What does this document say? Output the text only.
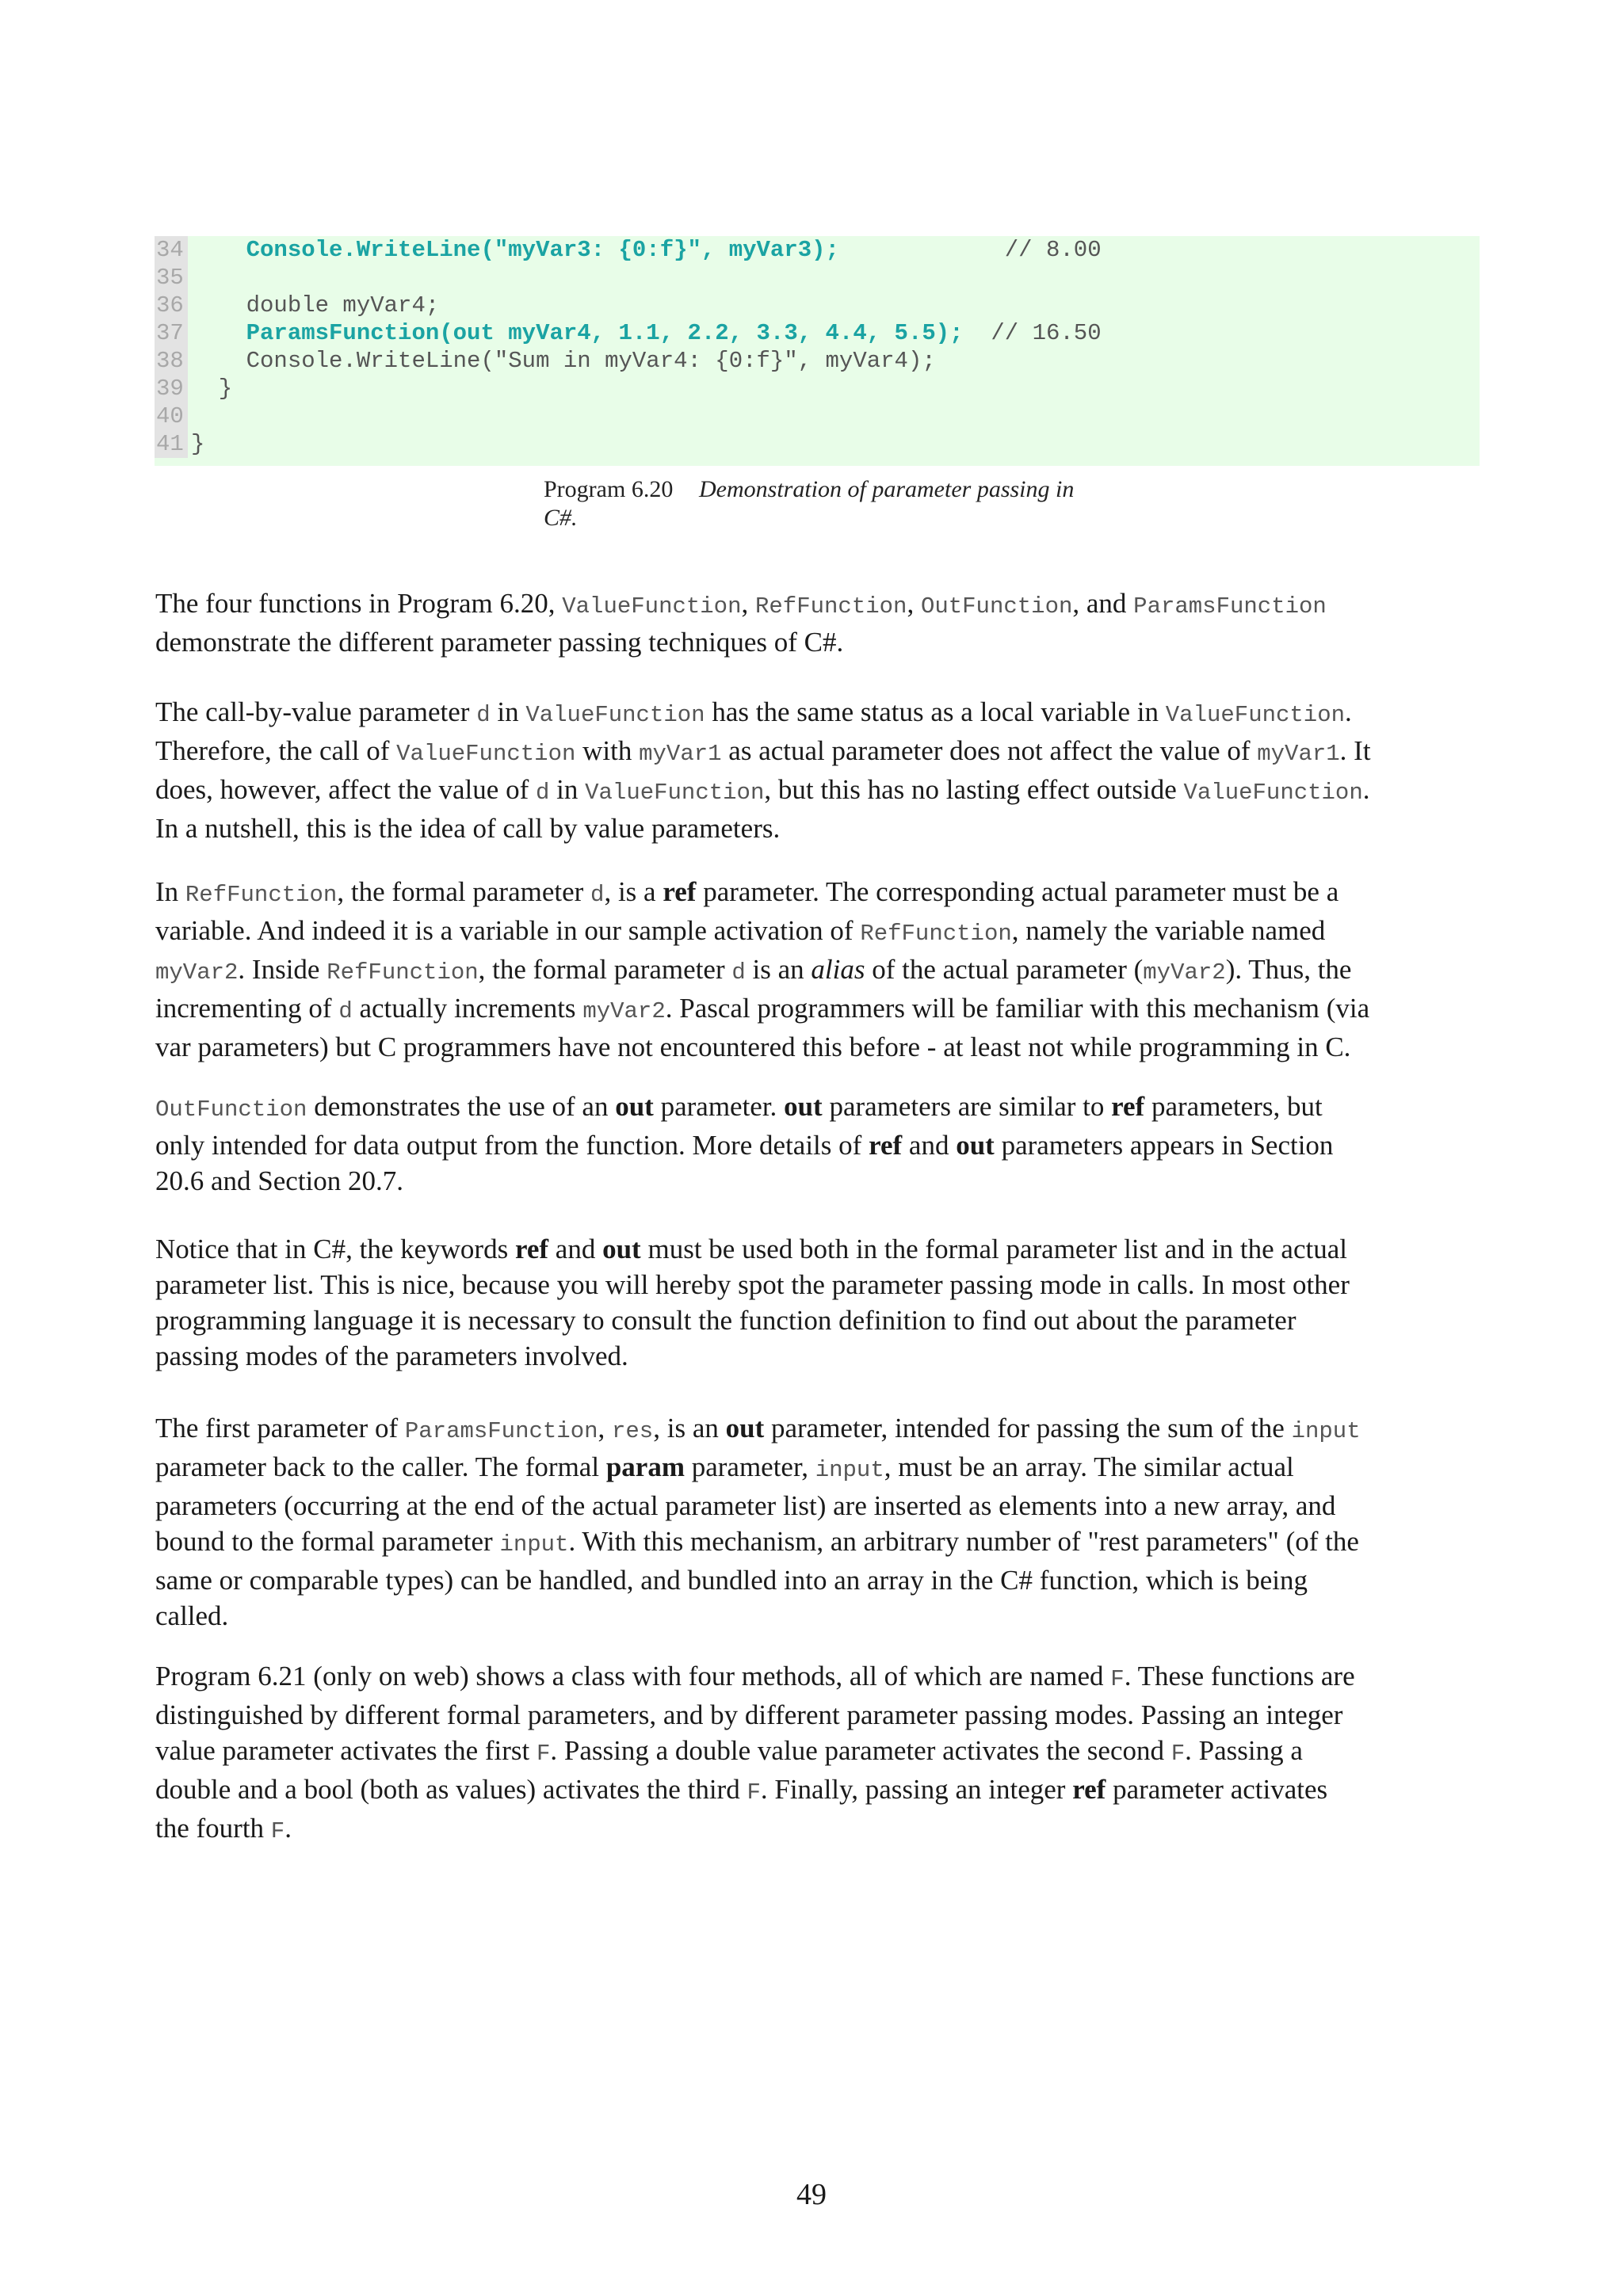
34    Console.WriteLine("myVar3: {0:f}", myVar3);            // 8.00
35
36    double myVar4;
37    ParamsFunction(out myVar4, 1.1, 2.2, 3.3, 4.4, 5.5);  // 16.50
38    Console.WriteLine("Sum in myVar4: {0:f}", myVar4);
39  }
40
41 }
Program 6.20 Demonstration of parameter passing in
C#.

The four functions in Program 6.20, ValueFunction, RefFunction, OutFunction, and ParamsFunction
demonstrate the different parameter passing techniques of C#.

The call-by-value parameter d in ValueFunction has the same status as a local variable in ValueFunction.
Therefore, the call of ValueFunction with myVar1 as actual parameter does not affect the value of myVar1. It
does, however, affect the value of d in ValueFunction, but this has no lasting effect outside ValueFunction.
In a nutshell, this is the idea of call by value parameters.

In RefFunction, the formal parameter d, is a ref parameter. The corresponding actual parameter must be a
variable. And indeed it is a variable in our sample activation of RefFunction, namely the variable named
myVar2. Inside RefFunction, the formal parameter d is an alias of the actual parameter (myVar2). Thus, the
incrementing of d actually increments myVar2. Pascal programmers will be familiar with this mechanism (via
var parameters) but C programmers have not encountered this before - at least not while programming in C.

OutFunction demonstrates the use of an out parameter. out parameters are similar to ref parameters, but
only intended for data output from the function. More details of ref and out parameters appears in Section
20.6 and Section 20.7.

Notice that in C#, the keywords ref and out must be used both in the formal parameter list and in the actual
parameter list. This is nice, because you will hereby spot the parameter passing mode in calls. In most other
programming language it is necessary to consult the function definition to find out about the parameter
passing modes of the parameters involved.

The first parameter of ParamsFunction, res, is an out parameter, intended for passing the sum of the input
parameter back to the caller. The formal param parameter, input, must be an array. The similar actual
parameters (occurring at the end of the actual parameter list) are inserted as elements into a new array, and
bound to the formal parameter input. With this mechanism, an arbitrary number of "rest parameters" (of the
same or comparable types) can be handled, and bundled into an array in the C# function, which is being
called.

Program 6.21 (only on web) shows a class with four methods, all of which are named F. These functions are
distinguished by different formal parameters, and by different parameter passing modes. Passing an integer
value parameter activates the first F. Passing a double value parameter activates the second F. Passing a
double and a bool (both as values) activates the third F. Finally, passing an integer ref parameter activates
the fourth F.

49
